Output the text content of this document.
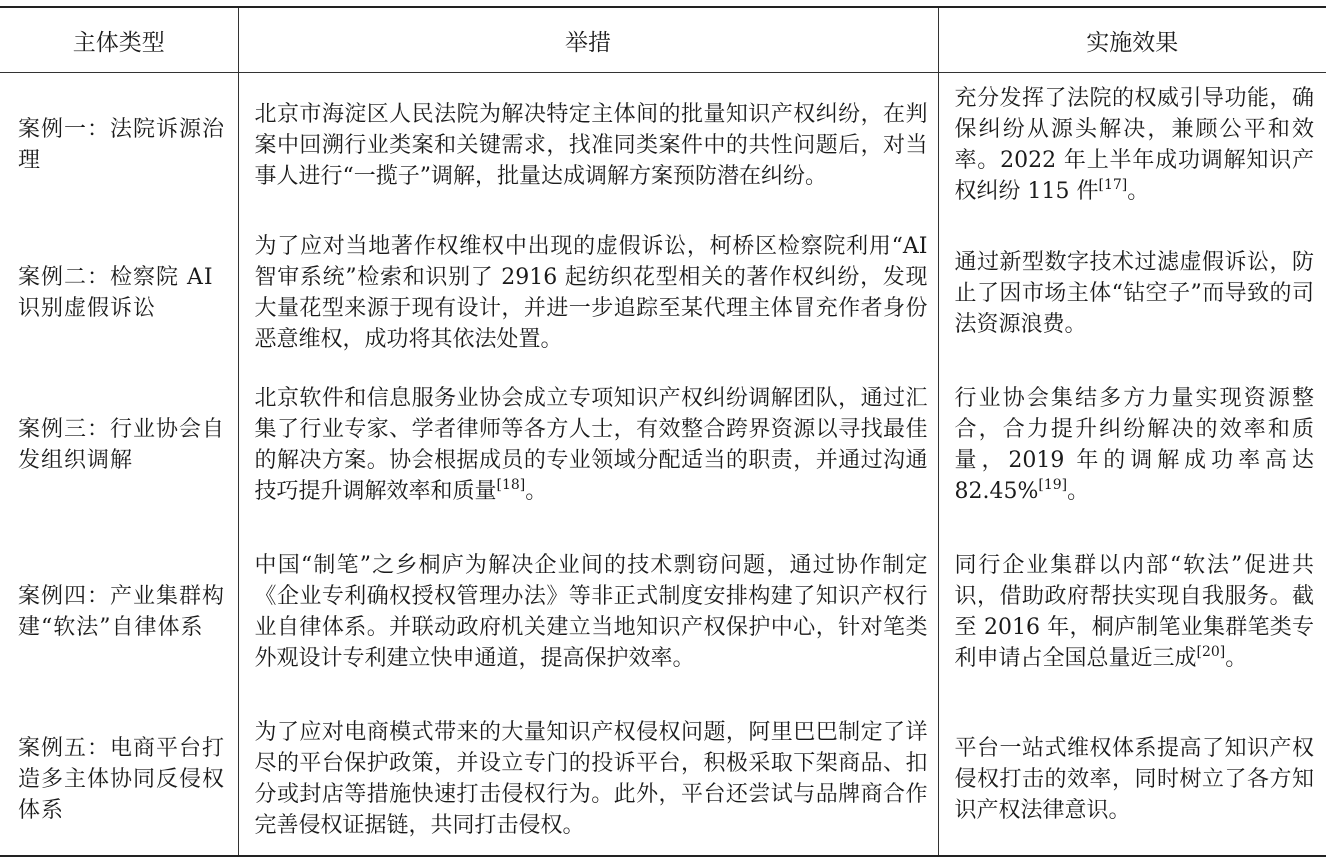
主体类型	举措	实施效果
案例一：法院诉源治理	北京市海淀区人民法院为解决特定主体间的批量知识产权纠纷，在判案中回溯行业类案和关键需求，找准同类案件中的共性问题后，对当事人进行“一揽子”调解，批量达成调解方案预防潜在纠纷。	充分发挥了法院的权威引导功能，确保纠纷从源头解决，兼顾公平和效率。2022 年上半年成功调解知识产权纠纷 115 件[17]。
案例二：检察院 AI 识别虚假诉讼	为了应对当地著作权维权中出现的虚假诉讼，柯桥区检察院利用“AI 智审系统”检索和识别了 2916 起纺织花型相关的著作权纠纷，发现大量花型来源于现有设计，并进一步追踪至某代理主体冒充作者身份恶意维权，成功将其依法处置。	通过新型数字技术过滤虚假诉讼，防止了因市场主体“钻空子”而导致的司法资源浪费。
案例三：行业协会自发组织调解	北京软件和信息服务业协会成立专项知识产权纠纷调解团队，通过汇集了行业专家、学者律师等各方人士，有效整合跨界资源以寻找最佳的解决方案。协会根据成员的专业领域分配适当的职责，并通过沟通技巧提升调解效率和质量[18]。	行业协会集结多方力量实现资源整合，合力提升纠纷解决的效率和质量，2019 年的调解成功率高达 82.45%[19]。
案例四：产业集群构建“软法”自律体系	中国“制笔”之乡桐庐为解决企业间的技术剽窃问题，通过协作制定《企业专利确权授权管理办法》等非正式制度安排构建了知识产权行业自律体系。并联动政府机关建立当地知识产权保护中心，针对笔类外观设计专利建立快申通道，提高保护效率。	同行企业集群以内部“软法”促进共识，借助政府帮扶实现自我服务。截至 2016 年，桐庐制笔业集群笔类专利申请占全国总量近三成[20]。
案例五：电商平台打造多主体协同反侵权体系	为了应对电商模式带来的大量知识产权侵权问题，阿里巴巴制定了详尽的平台保护政策，并设立专门的投诉平台，积极采取下架商品、扣分或封店等措施快速打击侵权行为。此外，平台还尝试与品牌商合作完善侵权证据链，共同打击侵权。	平台一站式维权体系提高了知识产权侵权打击的效率，同时树立了各方知识产权法律意识。
